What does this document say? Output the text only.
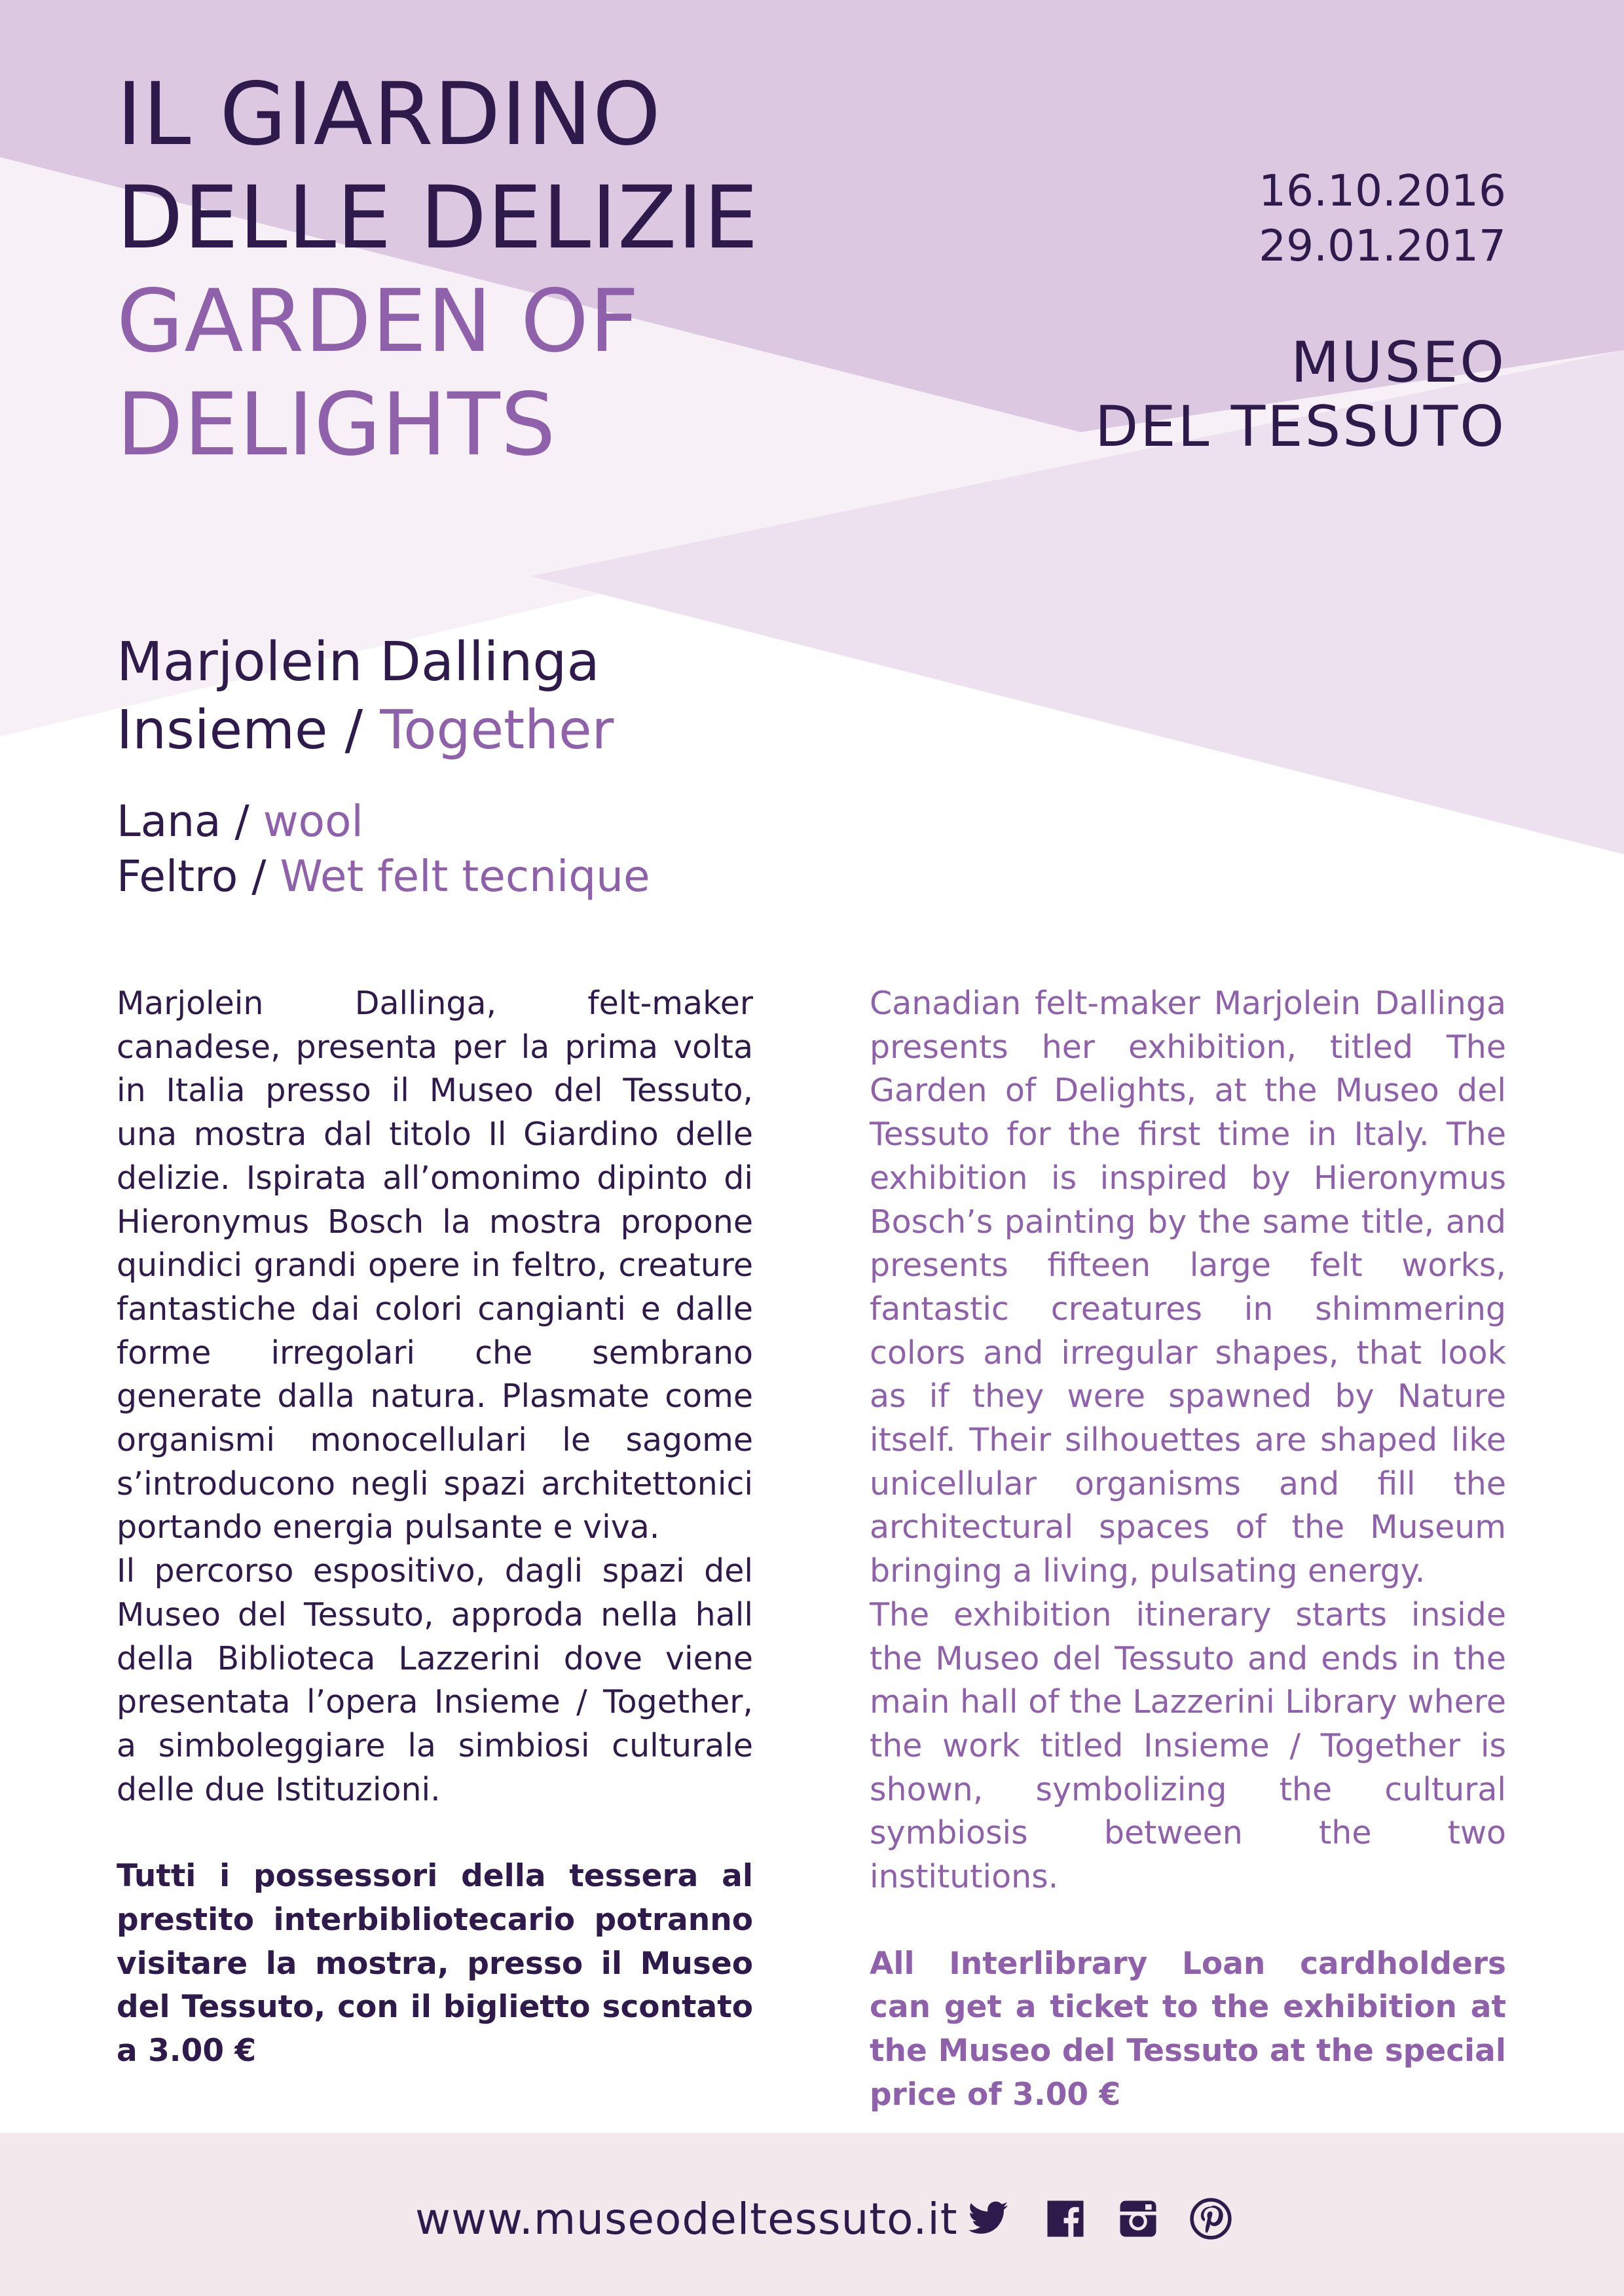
IL GIARDINO
DELLE DELIZIE
GARDEN OF
DELIGHTS
16.10.2016
29.01.2017
MUSEO
DEL TESSUTO
Marjolein Dallinga
Insieme / Together
Lana / wool
Feltro / Wet felt tecnique

Marjolein Dallinga, felt-maker canadese, presenta per la prima volta in Italia presso il Museo del Tessuto, una mostra dal titolo Il Giardino delle delizie. Ispirata all’omonimo dipinto di Hieronymus Bosch la mostra propone quindici grandi opere in feltro, creature fantastiche dai colori cangianti e dalle forme irregolari che sembrano generate dalla natura. Plasmate come organismi monocellulari le sagome s’introducono negli spazi architettonici portando energia pulsante e viva.

Il percorso espositivo, dagli spazi del Museo del Tessuto, approda nella hall della Biblioteca Lazzerini dove viene presentata l’opera Insieme / Together, a simboleggiare la simbiosi culturale delle due Istituzioni.

Tutti i possessori della tessera al prestito interbibliotecario potranno visitare la mostra, presso il Museo del Tessuto, con il biglietto scontato a 3.00 €

Canadian felt-maker Marjolein Dallinga presents her exhibition, titled The Garden of Delights, at the Museo del Tessuto for the first time in Italy. The exhibition is inspired by Hieronymus Bosch’s painting by the same title, and presents fifteen large felt works, fantastic creatures in shimmering colors and irregular shapes, that look as if they were spawned by Nature itself. Their silhouettes are shaped like unicellular organisms and fill the architectural spaces of the Museum bringing a living, pulsating energy.

The exhibition itinerary starts inside the Museo del Tessuto and ends in the main hall of the Lazzerini Library where the work titled Insieme / Together is shown, symbolizing the cultural symbiosis between the two institutions.

All Interlibrary Loan cardholders can get a ticket to the exhibition at the Museo del Tessuto at the special price of 3.00 €

www.museodeltessuto.it
